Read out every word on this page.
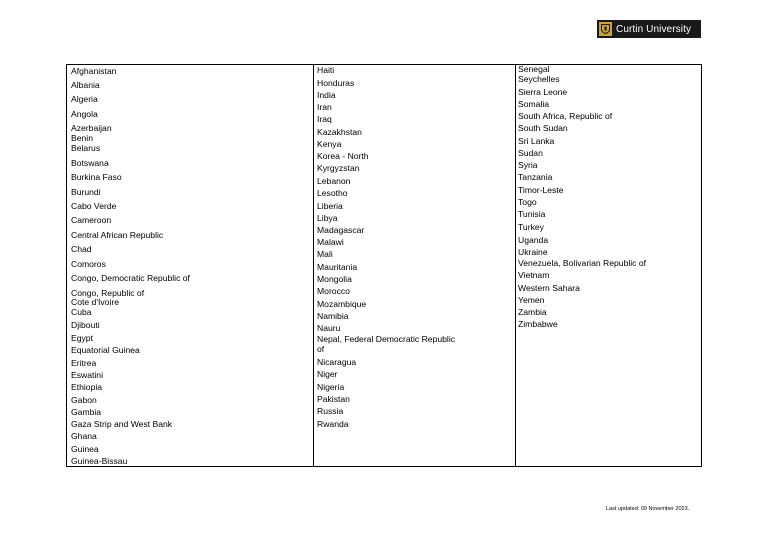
Curtin University
Afghanistan
Albania
Algeria
Angola
Azerbaijan
Benin
Belarus
Botswana
Burkina Faso
Burundi
Cabo Verde
Cameroon
Central African Republic
Chad
Comoros
Congo, Democratic Republic of
Congo, Republic of
Cote d'Ivoire
Cuba
Djibouti
Egypt
Equatorial Guinea
Eritrea
Eswatini
Ethiopia
Gabon
Gambia
Gaza Strip and West Bank
Ghana
Guinea
Guinea-Bissau
Haiti
Honduras
India
Iran
Iraq
Kazakhstan
Kenya
Korea - North
Kyrgyzstan
Lebanon
Lesotho
Liberia
Libya
Madagascar
Malawi
Mali
Mauritania
Mongolia
Morocco
Mozambique
Namibia
Nauru
Nepal, Federal Democratic Republic
of
Nicaragua
Niger
Nigeria
Pakistan
Russia
Rwanda
Senegal
Seychelles
Sierra Leone
Somalia
South Africa, Republic of
South Sudan
Sri Lanka
Sudan
Syria
Tanzania
Timor-Leste
Togo
Tunisia
Turkey
Uganda
Ukraine
Venezuela, Bolivarian Republic of
Vietnam
Western Sahara
Yemen
Zambia
Zimbabwe
Last updated: 09 November 2023.
